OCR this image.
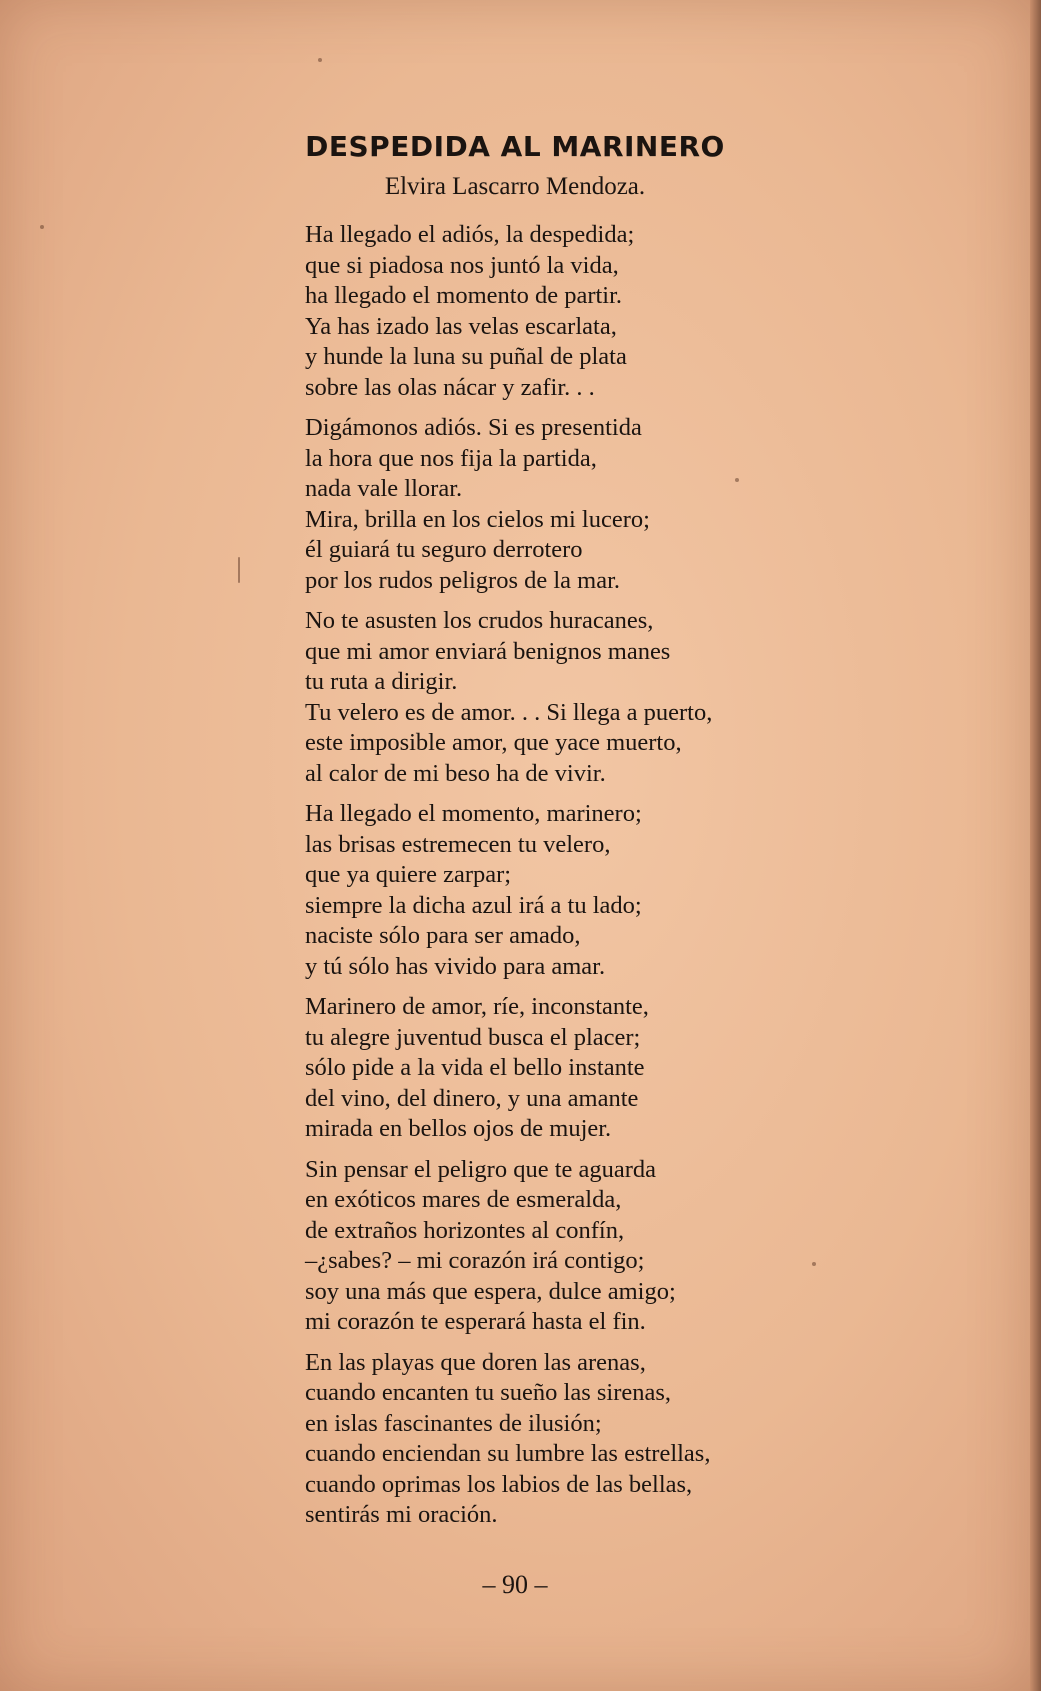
DESPEDIDA AL MARINERO

Elvira Lascarro Mendoza.

Ha llegado el adiós, la despedida;
que si piadosa nos juntó la vida,
ha llegado el momento de partir.
Ya has izado las velas escarlata,
y hunde la luna su puñal de plata
sobre las olas nácar y zafir. . .
Digámonos adiós. Si es presentida
la hora que nos fija la partida,
nada vale llorar.
Mira, brilla en los cielos mi lucero;
él guiará tu seguro derrotero
por los rudos peligros de la mar.
No te asusten los crudos huracanes,
que mi amor enviará benignos manes
tu ruta a dirigir.
Tu velero es de amor. . . Si llega a puerto,
este imposible amor, que yace muerto,
al calor de mi beso ha de vivir.
Ha llegado el momento, marinero;
las brisas estremecen tu velero,
que ya quiere zarpar;
siempre la dicha azul irá a tu lado;
naciste sólo para ser amado,
y tú sólo has vivido para amar.
Marinero de amor, ríe, inconstante,
tu alegre juventud busca el placer;
sólo pide a la vida el bello instante
del vino, del dinero, y una amante
mirada en bellos ojos de mujer.
Sin pensar el peligro que te aguarda
en exóticos mares de esmeralda,
de extraños horizontes al confín,
–¿sabes? – mi corazón irá contigo;
soy una más que espera, dulce amigo;
mi corazón te esperará hasta el fin.
En las playas que doren las arenas,
cuando encanten tu sueño las sirenas,
en islas fascinantes de ilusión;
cuando enciendan su lumbre las estrellas,
cuando oprimas los labios de las bellas,
sentirás mi oración.
– 90 –
